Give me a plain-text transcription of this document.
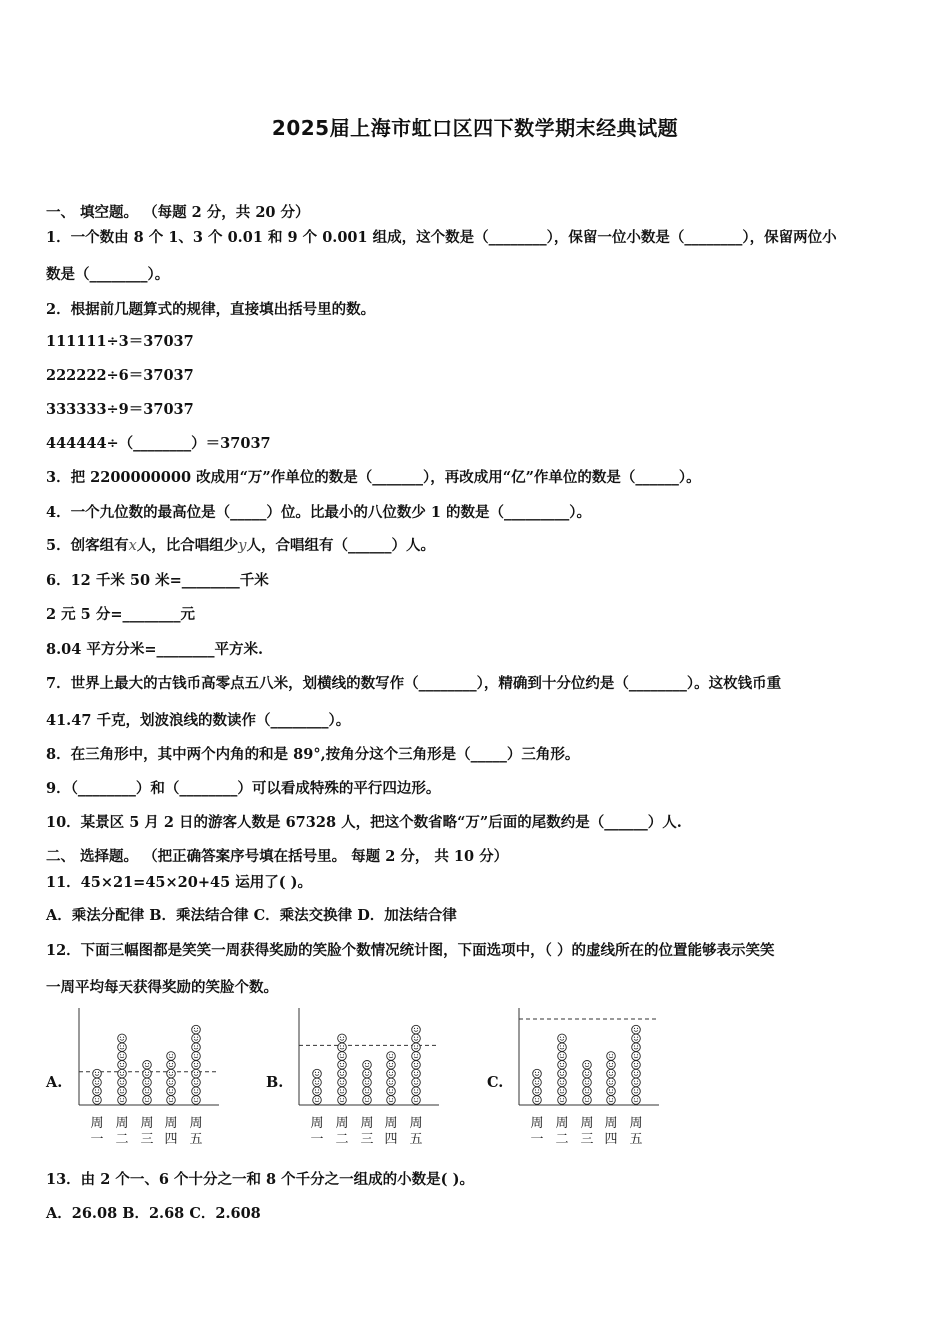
2025届上海市虹口区四下数学期末经典试题
一、 填空题。 （每题 2 分，共 20 分）
1．一个数由 8 个 1、3 个 0.01 和 9 个 0.001 组成，这个数是（________），保留一位小数是（________），保留两位小
数是（________）。
2．根据前几题算式的规律，直接填出括号里的数。
111111÷3＝37037
222222÷6＝37037
333333÷9＝37037
444444÷（________）＝37037
3．把 2200000000 改成用“万”作单位的数是（_______），再改成用“亿”作单位的数是（______）。
4．一个九位数的最高位是（_____）位。比最小的八位数少 1 的数是（_________）。
5．创客组有x人，比合唱组少y人，合唱组有（______）人。
6．12 千米 50 米=________千米
2 元 5 分=________元
8.04 平方分米=________平方米.
7．世界上最大的古钱币高零点五八米，划横线的数写作（________），精确到十分位约是（________）。这枚钱币重
41.47 千克，划波浪线的数读作（________）。
8．在三角形中，其中两个内角的和是 89°,按角分这个三角形是（_____）三角形。
9．（________）和（________）可以看成特殊的平行四边形。
10．某景区 5 月 2 日的游客人数是 67328 人，把这个数省略“万”后面的尾数约是（______）人.
二、 选择题。 （把正确答案序号填在括号里。 每题 2 分， 共 10 分）
11．45×21=45×20+45 运用了( )。
A．乘法分配律 B．乘法结合律 C．乘法交换律 D．加法结合律
12．下面三幅图都是笑笑一周获得奖励的笑脸个数情况统计图，下面选项中，（ ）的虚线所在的位置能够表示笑笑
一周平均每天获得奖励的笑脸个数。
A.	B.	C.
周
一
周
二
周
三
周
四
周
五
周
一
周
二
周
三
周
四
周
五
周
一
周
二
周
三
周
四
周
五
13．由 2 个一、6 个十分之一和 8 个千分之一组成的小数是( )。
A．26.08 B．2.68 C．2.608
